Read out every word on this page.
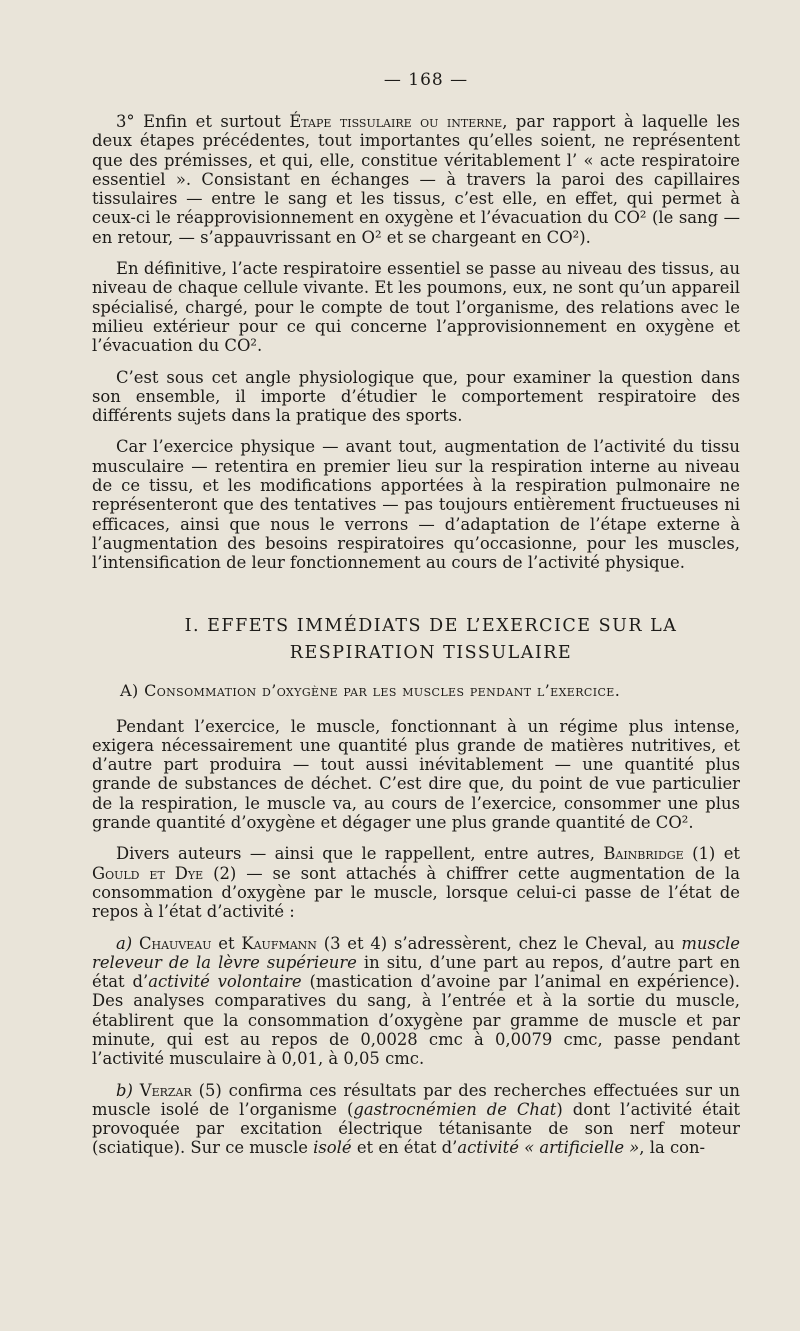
— 168 —

3° Enfin et surtout Étape tissulaire ou interne, par rapport à laquelle les deux étapes précédentes, tout importantes qu’elles soient, ne représentent que des prémisses, et qui, elle, constitue véritablement l’ « acte respiratoire essentiel ». Consistant en échanges — à travers la paroi des capillaires tissulaires — entre le sang et les tissus, c’est elle, en effet, qui permet à ceux-ci le réapprovisionnement en oxygène et l’évacuation du CO² (le sang — en retour, — s’appauvrissant en O² et se chargeant en CO²).

En définitive, l’acte respiratoire essentiel se passe au niveau des tissus, au niveau de chaque cellule vivante. Et les poumons, eux, ne sont qu’un appareil spécialisé, chargé, pour le compte de tout l’organisme, des relations avec le milieu extérieur pour ce qui concerne l’approvisionnement en oxygène et l’évacuation du CO².

C’est sous cet angle physiologique que, pour examiner la question dans son ensemble, il importe d’étudier le comportement respiratoire des différents sujets dans la pratique des sports.

Car l’exercice physique — avant tout, augmentation de l’activité du tissu musculaire — retentira en premier lieu sur la respiration interne au niveau de ce tissu, et les modifications apportées à la respiration pulmonaire ne représenteront que des tentatives — pas toujours entièrement fructueuses ni efficaces, ainsi que nous le verrons — d’adaptation de l’étape externe à l’augmentation des besoins respiratoires qu’occasionne, pour les muscles, l’intensification de leur fonctionnement au cours de l’activité physique.

I. EFFETS IMMÉDIATS DE L’EXERCICE SUR LA
RESPIRATION TISSULAIRE
A) Consommation d’oxygène par les muscles pendant l’exercice.

Pendant l’exercice, le muscle, fonctionnant à un régime plus intense, exigera nécessairement une quantité plus grande de matières nutritives, et d’autre part produira — tout aussi inévitablement — une quantité plus grande de substances de déchet. C’est dire que, du point de vue particulier de la respiration, le muscle va, au cours de l’exercice, consommer une plus grande quantité d’oxygène et dégager une plus grande quantité de CO².

Divers auteurs — ainsi que le rappellent, entre autres, Bainbridge (1) et Gould et Dye (2) — se sont attachés à chiffrer cette augmentation de la consommation d’oxygène par le muscle, lorsque celui-ci passe de l’état de repos à l’état d’activité :

a) Chauveau et Kaufmann (3 et 4) s’adressèrent, chez le Cheval, au muscle releveur de la lèvre supérieure in situ, d’une part au repos, d’autre part en état d’activité volontaire (mastication d’avoine par l’animal en expérience). Des analyses comparatives du sang, à l’entrée et à la sortie du muscle, établirent que la consommation d’oxygène par gramme de muscle et par minute, qui est au repos de 0,0028 cmc à 0,0079 cmc, passe pendant l’activité musculaire à 0,01, à 0,05 cmc.

b) Verzar (5) confirma ces résultats par des recherches effectuées sur un muscle isolé de l’organisme (gastrocnémien de Chat) dont l’activité était provoquée par excitation électrique tétanisante de son nerf moteur (sciatique). Sur ce muscle isolé et en état d’activité « artificielle », la con-
